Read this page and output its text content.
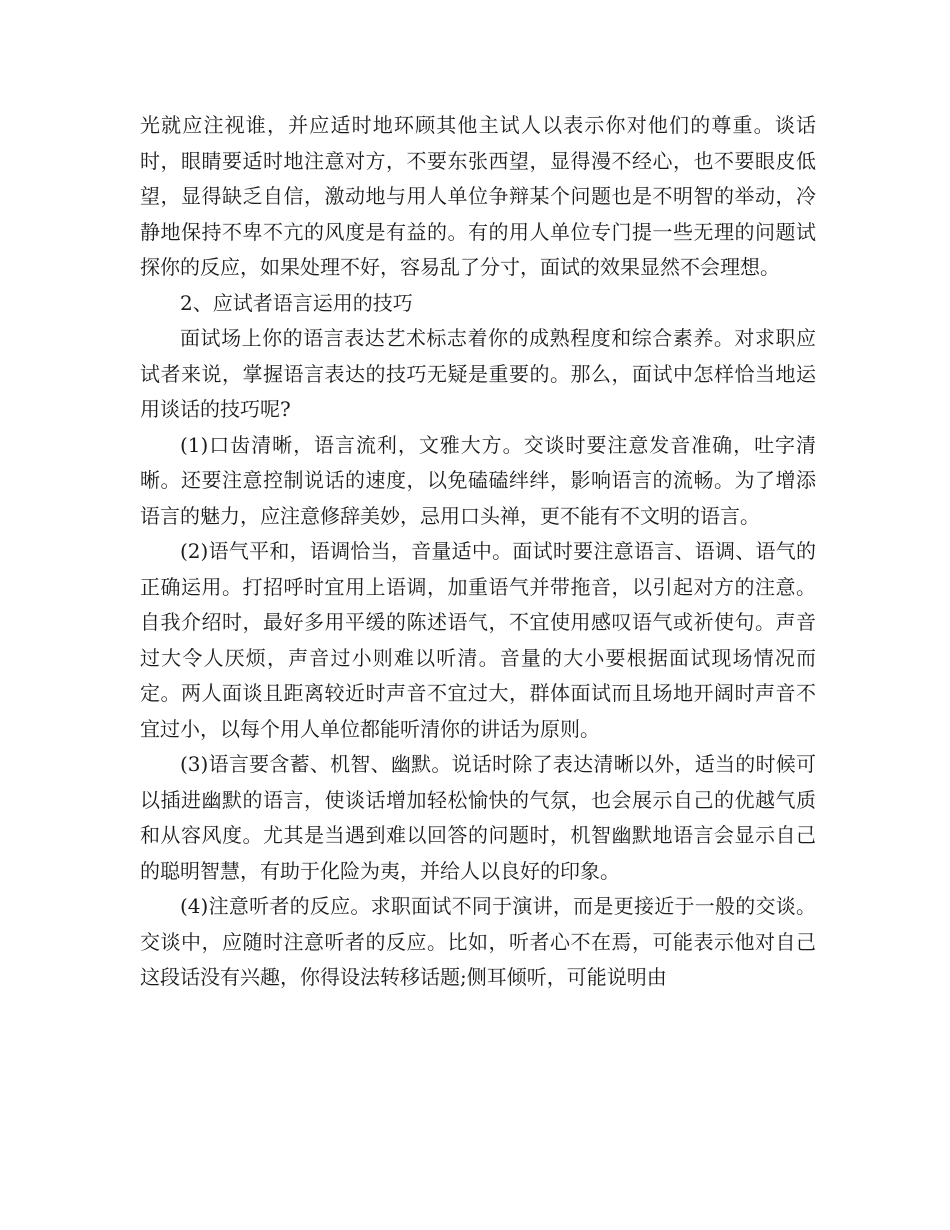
光就应注视谁，并应适时地环顾其他主试人以表示你对他们的尊重。谈话时，眼睛要适时地注意对方，不要东张西望，显得漫不经心，也不要眼皮低望，显得缺乏自信，激动地与用人单位争辩某个问题也是不明智的举动，冷静地保持不卑不亢的风度是有益的。有的用人单位专门提一些无理的问题试探你的反应，如果处理不好，容易乱了分寸，面试的效果显然不会理想。

2、应试者语言运用的技巧

面试场上你的语言表达艺术标志着你的成熟程度和综合素养。对求职应试者来说，掌握语言表达的技巧无疑是重要的。那么，面试中怎样恰当地运用谈话的技巧呢?

(1)口齿清晰，语言流利，文雅大方。交谈时要注意发音准确，吐字清晰。还要注意控制说话的速度，以免磕磕绊绊，影响语言的流畅。为了增添语言的魅力，应注意修辞美妙，忌用口头禅，更不能有不文明的语言。

(2)语气平和，语调恰当，音量适中。面试时要注意语言、语调、语气的正确运用。打招呼时宜用上语调，加重语气并带拖音，以引起对方的注意。自我介绍时，最好多用平缓的陈述语气，不宜使用感叹语气或祈使句。声音过大令人厌烦，声音过小则难以听清。音量的大小要根据面试现场情况而定。两人面谈且距离较近时声音不宜过大，群体面试而且场地开阔时声音不宜过小，以每个用人单位都能听清你的讲话为原则。

(3)语言要含蓄、机智、幽默。说话时除了表达清晰以外，适当的时候可以插进幽默的语言，使谈话增加轻松愉快的气氛，也会展示自己的优越气质和从容风度。尤其是当遇到难以回答的问题时，机智幽默地语言会显示自己的聪明智慧，有助于化险为夷，并给人以良好的印象。

(4)注意听者的反应。求职面试不同于演讲，而是更接近于一般的交谈。交谈中，应随时注意听者的反应。比如，听者心不在焉，可能表示他对自己这段话没有兴趣，你得设法转移话题;侧耳倾听，可能说明由
